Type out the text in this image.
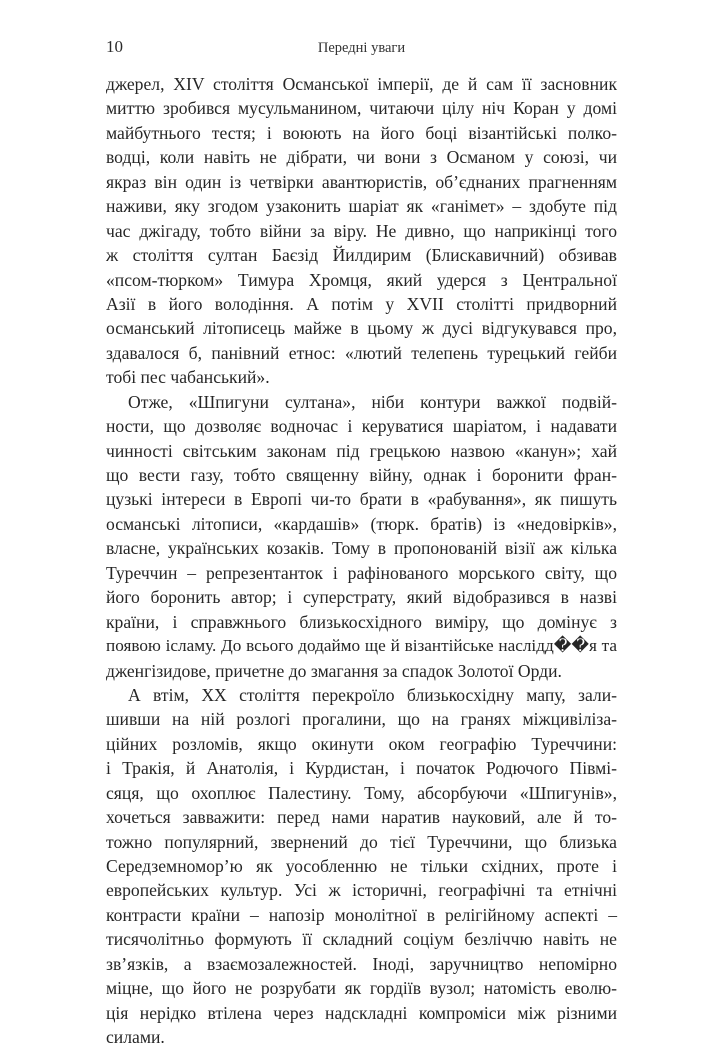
10	Передні уваги
джерел, XIV століття Османської імперії, де й сам її засновник
миттю зробився мусульманином, читаючи цілу ніч Коран у домі
майбутнього тестя; і воюють на його боці візантійські полко-
водці, коли навіть не дібрати, чи вони з Османом у союзі, чи
якраз він один із четвірки авантюристів, об’єднаних прагненням
наживи, яку згодом узаконить шаріат як «ганімет» – здобуте під
час джігаду, тобто війни за віру. Не дивно, що наприкінці того
ж століття султан Баєзід Йилдирим (Блискавичний) обзивав
«псом-тюрком» Тимура Хромця, який удерся з Центральної
Азії в його володіння. А потім у XVII столітті придворний
османський літописець майже в цьому ж дусі відгукувався про,
здавалося б, панівний етнос: «лютий телепень турецький гейби
тобі пес чабанський».
Отже, «Шпигуни султана», ніби контури важкої подвій-
ности, що дозволяє водночас і керуватися шаріатом, і надавати
чинності світським законам під грецькою назвою «канун»; хай
що вести газу, тобто священну війну, однак і боронити фран-
цузькі інтереси в Европі чи-то брати в «рабування», як пишуть
османські літописи, «кардашів» (тюрк. братів) із «недовірків»,
власне, українських козаків. Тому в пропонованій візії аж кілька
Туреччин – репрезентанток і рафінованого морського світу, що
його боронить автор; і суперстрату, який відобразився в назві
країни, і справжнього близькосхідного виміру, що домінує з
появою ісламу. До всього додаймо ще й візантійське наслідд��я та
дженгізидове, причетне до змагання за спадок Золотої Орди.
А втім, XX століття перекроїло близькосхідну мапу, зали-
шивши на ній розлогі прогалини, що на гранях міжцивіліза-
ційних розломів, якщо окинути оком географію Туреччини:
і Тракія, й Анатолія, і Курдистан, і початок Родючого Півмі-
сяця, що охоплює Палестину. Тому, абсорбуючи «Шпигунів»,
хочеться завважити: перед нами наратив науковий, але й то-
тожно популярний, звернений до тієї Туреччини, що близька
Середземномор’ю як уособленню не тільки східних, проте і
европейських культур. Усі ж історичні, географічні та етнічні
контрасти країни – напозір монолітної в релігійному аспекті –
тисячолітньо формують її складний соціум безліччю навіть не
зв’язків, а взаємозалежностей. Іноді, заручництво непомірно
міцне, що його не розрубати як гордіїв вузол; натомість еволю-
ція нерідко втілена через надскладні компроміси між різними
силами.
